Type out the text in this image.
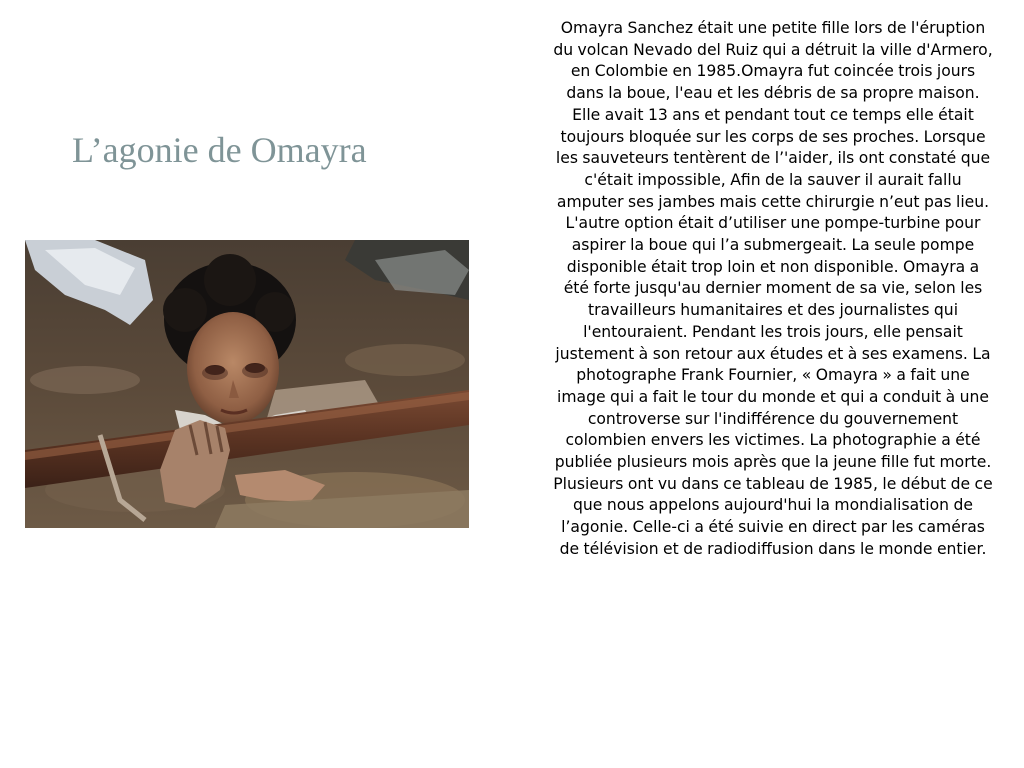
L’agonie de Omayra

Omayra Sanchez était une petite fille lors de l'éruption du volcan Nevado del Ruiz qui a détruit la ville d'Armero, en Colombie en 1985.Omayra fut coincée trois jours dans la boue, l'eau et les débris de sa propre maison. Elle avait 13 ans et pendant tout ce temps elle était toujours bloquée sur les corps de ses proches. Lorsque les sauveteurs tentèrent de l’'aider, ils ont constaté que c'était impossible, Afin de la sauver il aurait fallu amputer ses jambes mais cette chirurgie n’eut pas lieu. L'autre option était d’utiliser une pompe-turbine pour aspirer la boue qui l’a submergeait. La seule pompe disponible était trop loin et non disponible. Omayra a été forte jusqu'au dernier moment de sa vie, selon les travailleurs humanitaires et des journalistes qui l'entouraient. Pendant les trois jours, elle pensait justement à son retour aux études et à ses examens. La photographe Frank Fournier, « Omayra » a fait une image qui a fait le tour du monde et qui a conduit à une controverse sur l'indifférence du gouvernement colombien envers les victimes. La photographie a été publiée plusieurs mois après que la jeune fille fut morte. Plusieurs ont vu dans ce tableau de 1985, le début de ce que nous appelons aujourd'hui la mondialisation de l’agonie. Celle-ci a été suivie en direct par les caméras de télévision et de radiodiffusion dans le monde entier.
